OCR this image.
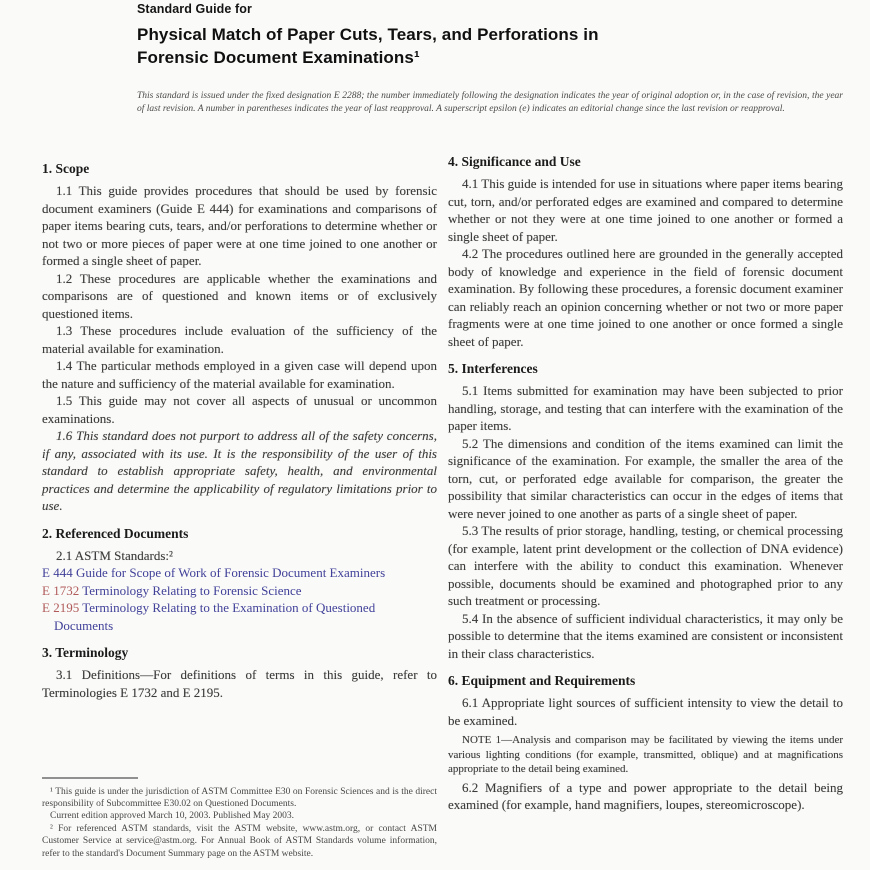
Standard Guide for
Physical Match of Paper Cuts, Tears, and Perforations in
Forensic Document Examinations¹
This standard is issued under the fixed designation E 2288; the number immediately following the designation indicates the year of original adoption or, in the case of revision, the year of last revision. A number in parentheses indicates the year of last reapproval. A superscript epsilon (e) indicates an editorial change since the last revision or reapproval.

¹ This guide is under the jurisdiction of ASTM Committee E30 on Forensic Sciences and is the direct responsibility of Subcommittee E30.02 on Questioned Documents.

Current edition approved March 10, 2003. Published May 2003.

² For referenced ASTM standards, visit the ASTM website, www.astm.org, or contact ASTM Customer Service at service@astm.org. For Annual Book of ASTM Standards volume information, refer to the standard's Document Summary page on the ASTM website.

1. Scope

1.1 This guide provides procedures that should be used by forensic document examiners (Guide E 444) for examinations and comparisons of paper items bearing cuts, tears, and/or perforations to determine whether or not two or more pieces of paper were at one time joined to one another or formed a single sheet of paper.

1.2 These procedures are applicable whether the examinations and comparisons are of questioned and known items or of exclusively questioned items.

1.3 These procedures include evaluation of the sufficiency of the material available for examination.

1.4 The particular methods employed in a given case will depend upon the nature and sufficiency of the material available for examination.

1.5 This guide may not cover all aspects of unusual or uncommon examinations.

1.6 This standard does not purport to address all of the safety concerns, if any, associated with its use. It is the responsibility of the user of this standard to establish appropriate safety, health, and environmental practices and determine the applicability of regulatory limitations prior to use.

2. Referenced Documents

2.1 ASTM Standards:²

E 444 Guide for Scope of Work of Forensic Document Examiners
E 1732 Terminology Relating to Forensic Science
E 2195 Terminology Relating to the Examination of Questioned Documents
3. Terminology

3.1 Definitions—For definitions of terms in this guide, refer to Terminologies E 1732 and E 2195.

4. Significance and Use

4.1 This guide is intended for use in situations where paper items bearing cut, torn, and/or perforated edges are examined and compared to determine whether or not they were at one time joined to one another or formed a single sheet of paper.

4.2 The procedures outlined here are grounded in the generally accepted body of knowledge and experience in the field of forensic document examination. By following these procedures, a forensic document examiner can reliably reach an opinion concerning whether or not two or more paper fragments were at one time joined to one another or once formed a single sheet of paper.

5. Interferences

5.1 Items submitted for examination may have been subjected to prior handling, storage, and testing that can interfere with the examination of the paper items.

5.2 The dimensions and condition of the items examined can limit the significance of the examination. For example, the smaller the area of the torn, cut, or perforated edge available for comparison, the greater the possibility that similar characteristics can occur in the edges of items that were never joined to one another as parts of a single sheet of paper.

5.3 The results of prior storage, handling, testing, or chemical processing (for example, latent print development or the collection of DNA evidence) can interfere with the ability to conduct this examination. Whenever possible, documents should be examined and photographed prior to any such treatment or processing.

5.4 In the absence of sufficient individual characteristics, it may only be possible to determine that the items examined are consistent or inconsistent in their class characteristics.

6. Equipment and Requirements

6.1 Appropriate light sources of sufficient intensity to view the detail to be examined.

NOTE 1—Analysis and comparison may be facilitated by viewing the items under various lighting conditions (for example, transmitted, oblique) and at magnifications appropriate to the detail being examined.

6.2 Magnifiers of a type and power appropriate to the detail being examined (for example, hand magnifiers, loupes, stereomicroscope).
